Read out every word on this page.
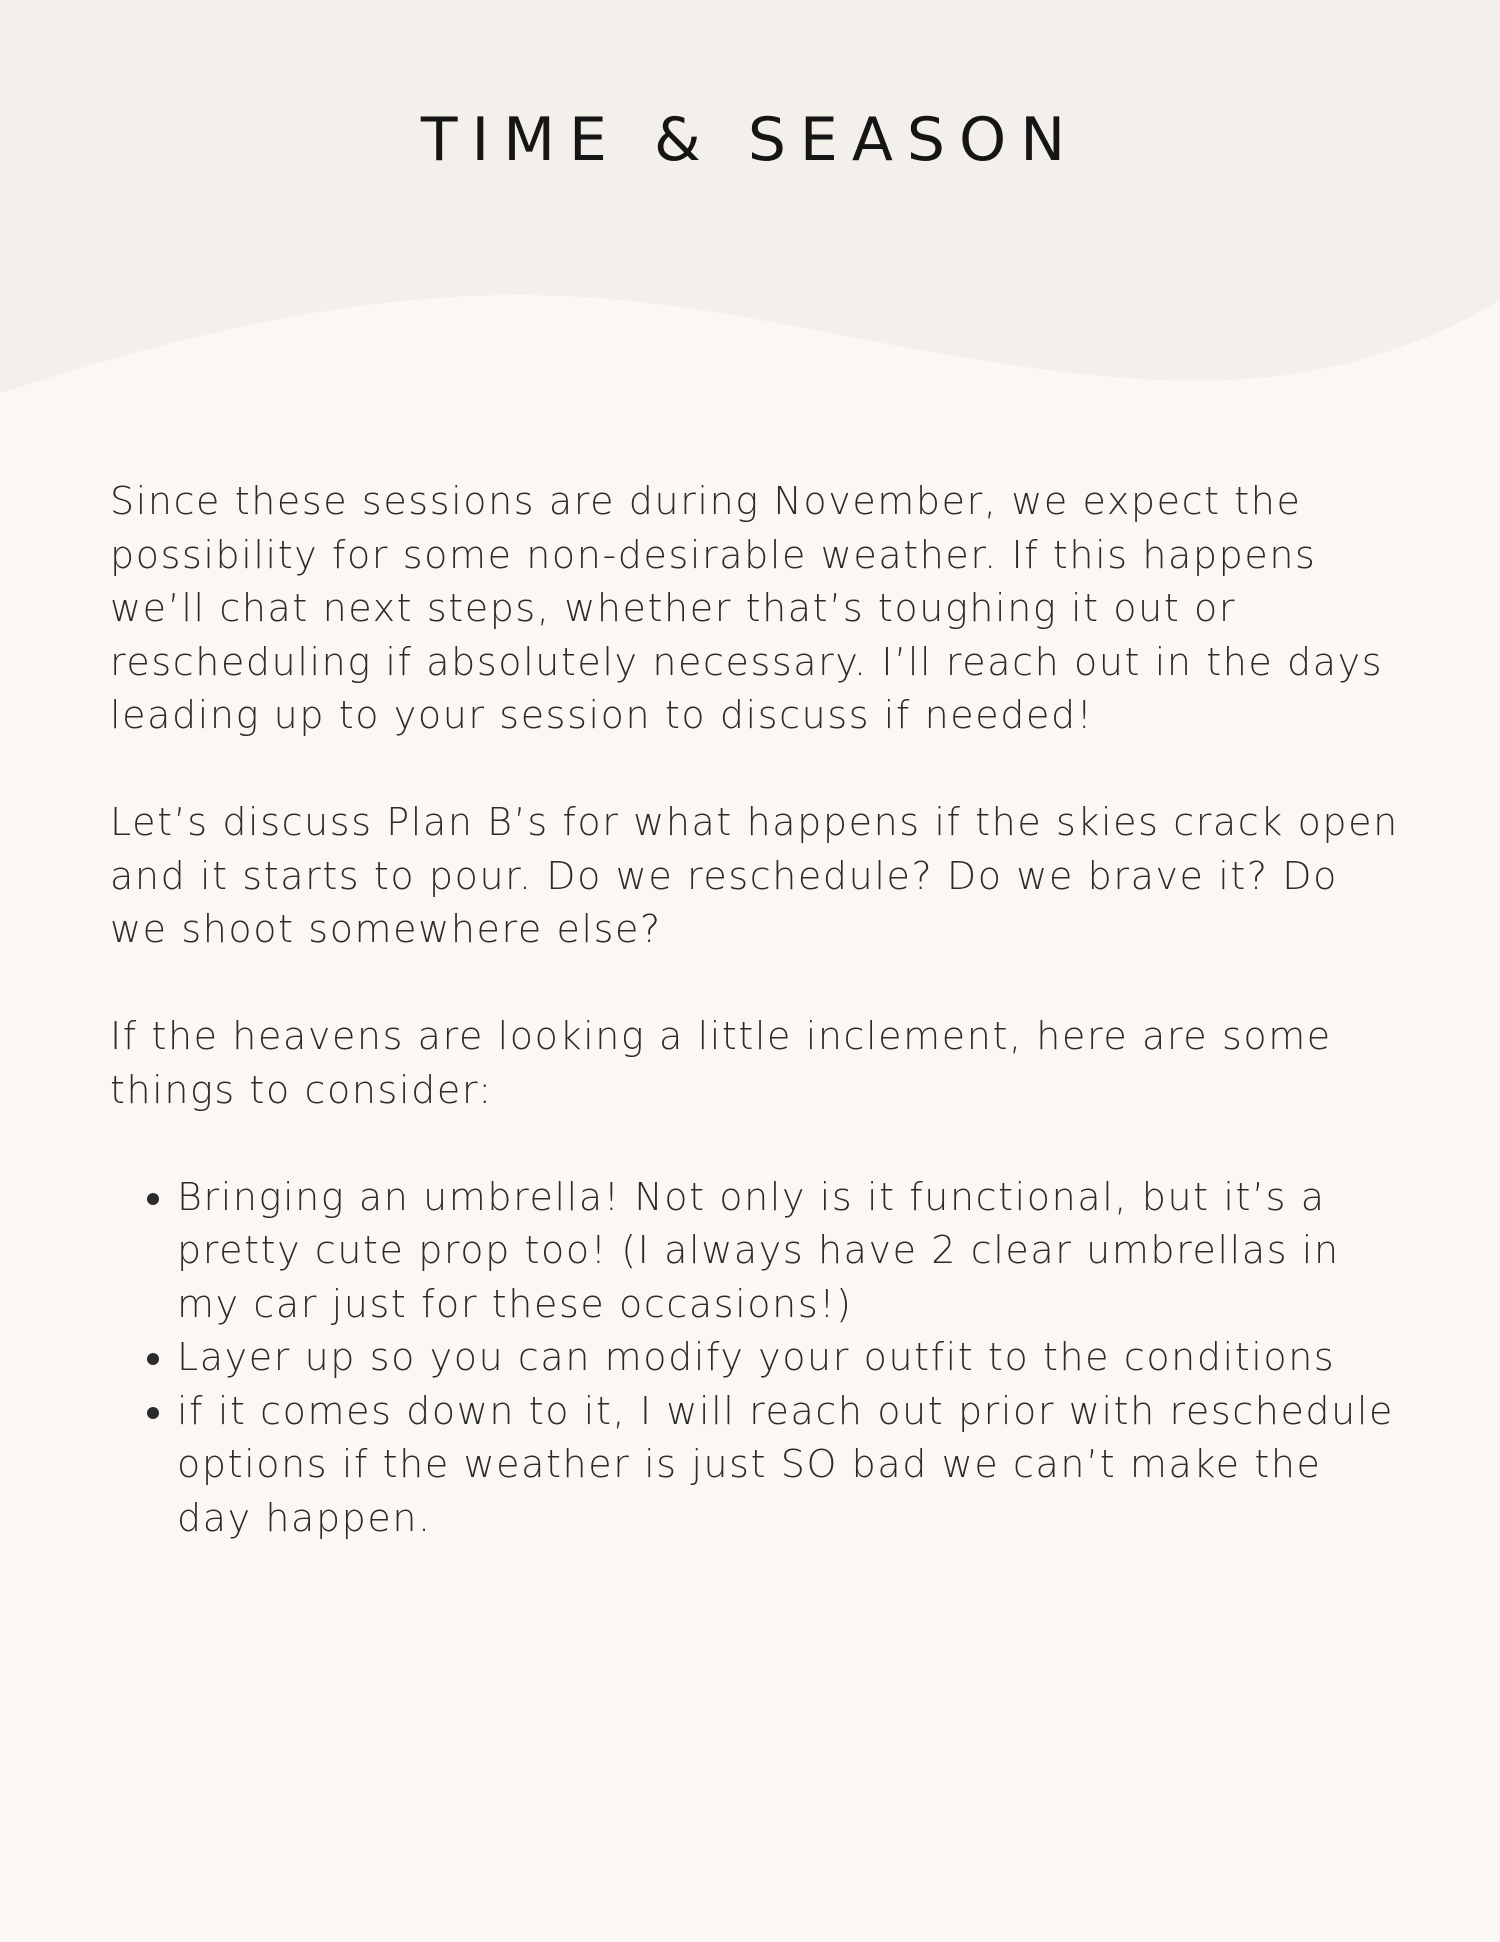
TIME & SEASON

Since these sessions are during November, we expect the possibility for some non-desirable weather. If this happens we’ll chat next steps, whether that’s toughing it out or rescheduling if absolutely necessary. I’ll reach out in the days leading up to your session to discuss if needed!

Let’s discuss Plan B’s for what happens if the skies crack open and it starts to pour. Do we reschedule? Do we brave it? Do we shoot somewhere else?

If the heavens are looking a little inclement, here are some things to consider:

• Bringing an umbrella! Not only is it functional, but it’s a pretty cute prop too! (I always have 2 clear umbrellas in my car just for these occasions!)
• Layer up so you can modify your outfit to the conditions
• if it comes down to it, I will reach out prior with reschedule options if the weather is just SO bad we can’t make the day happen.
